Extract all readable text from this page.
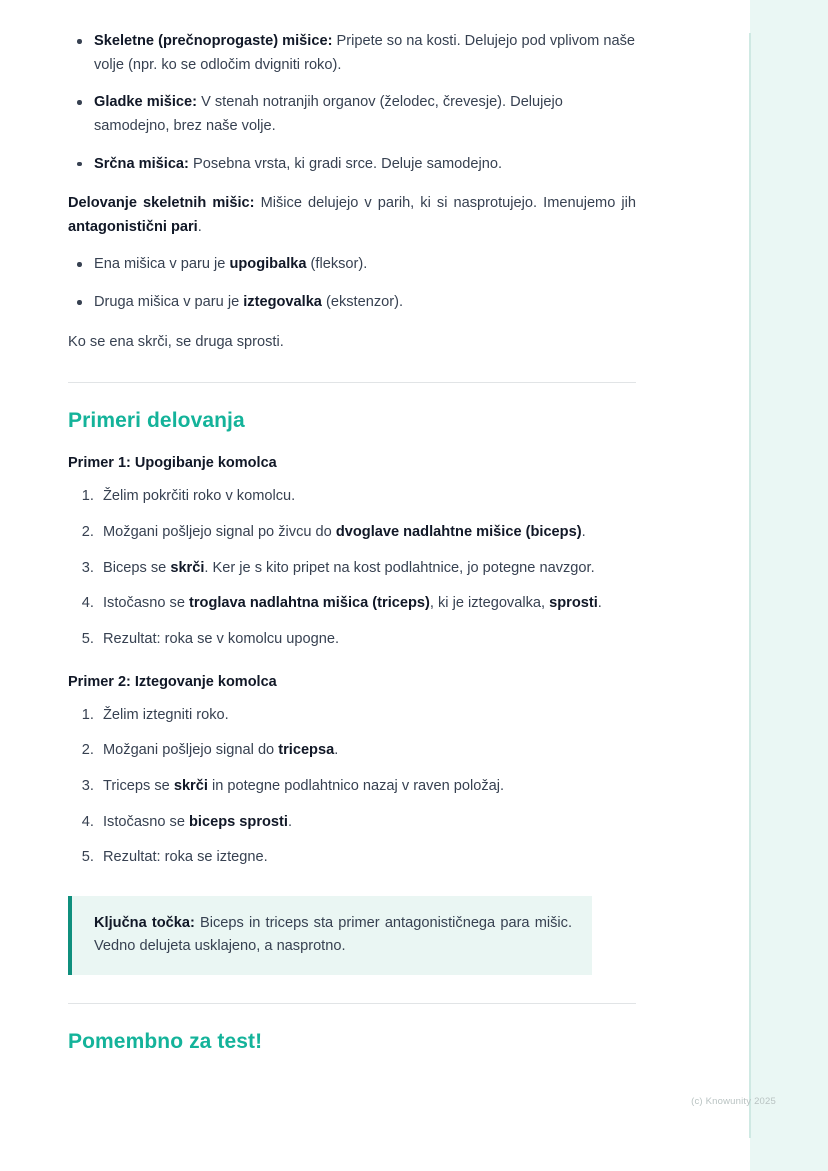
Skeletne (prečnoprogaste) mišice: Pripete so na kosti. Delujejo pod vplivom naše volje (npr. ko se odločim dvigniti roko).
Gladke mišice: V stenah notranjih organov (želodec, črevesje). Delujejo samodejno, brez naše volje.
Srčna mišica: Posebna vrsta, ki gradi srce. Deluje samodejno.

Delovanje skeletnih mišic: Mišice delujejo v parih, ki si nasprotujejo. Imenujemo jih antagonistični pari.

Ena mišica v paru je upogibalka (fleksor).
Druga mišica v paru je iztegovalka (ekstenzor).

Ko se ena skrči, se druga sprosti.

Primeri delovanja
Primer 1: Upogibanje komolca
1. Želim pokrčiti roko v komolcu.
2. Možgani pošljejo signal po živcu do dvoglave nadlahtne mišice (biceps).
3. Biceps se skrči. Ker je s kito pripet na kost podlahtnice, jo potegne navzgor.
4. Istočasno se troglava nadlahtna mišica (triceps), ki je iztegovalka, sprosti.
5. Rezultat: roka se v komolcu upogne.
Primer 2: Iztegovanje komolca
1. Želim iztegniti roko.
2. Možgani pošljejo signal do tricepsa.
3. Triceps se skrči in potegne podlahtnico nazaj v raven položaj.
4. Istočasno se biceps sprosti.
5. Rezultat: roka se iztegne.

Ključna točka: Biceps in triceps sta primer antagonističnega para mišic. Vedno delujeta usklajeno, a nasprotno.

Pomembno za test!
(c) Knowunity 2025
